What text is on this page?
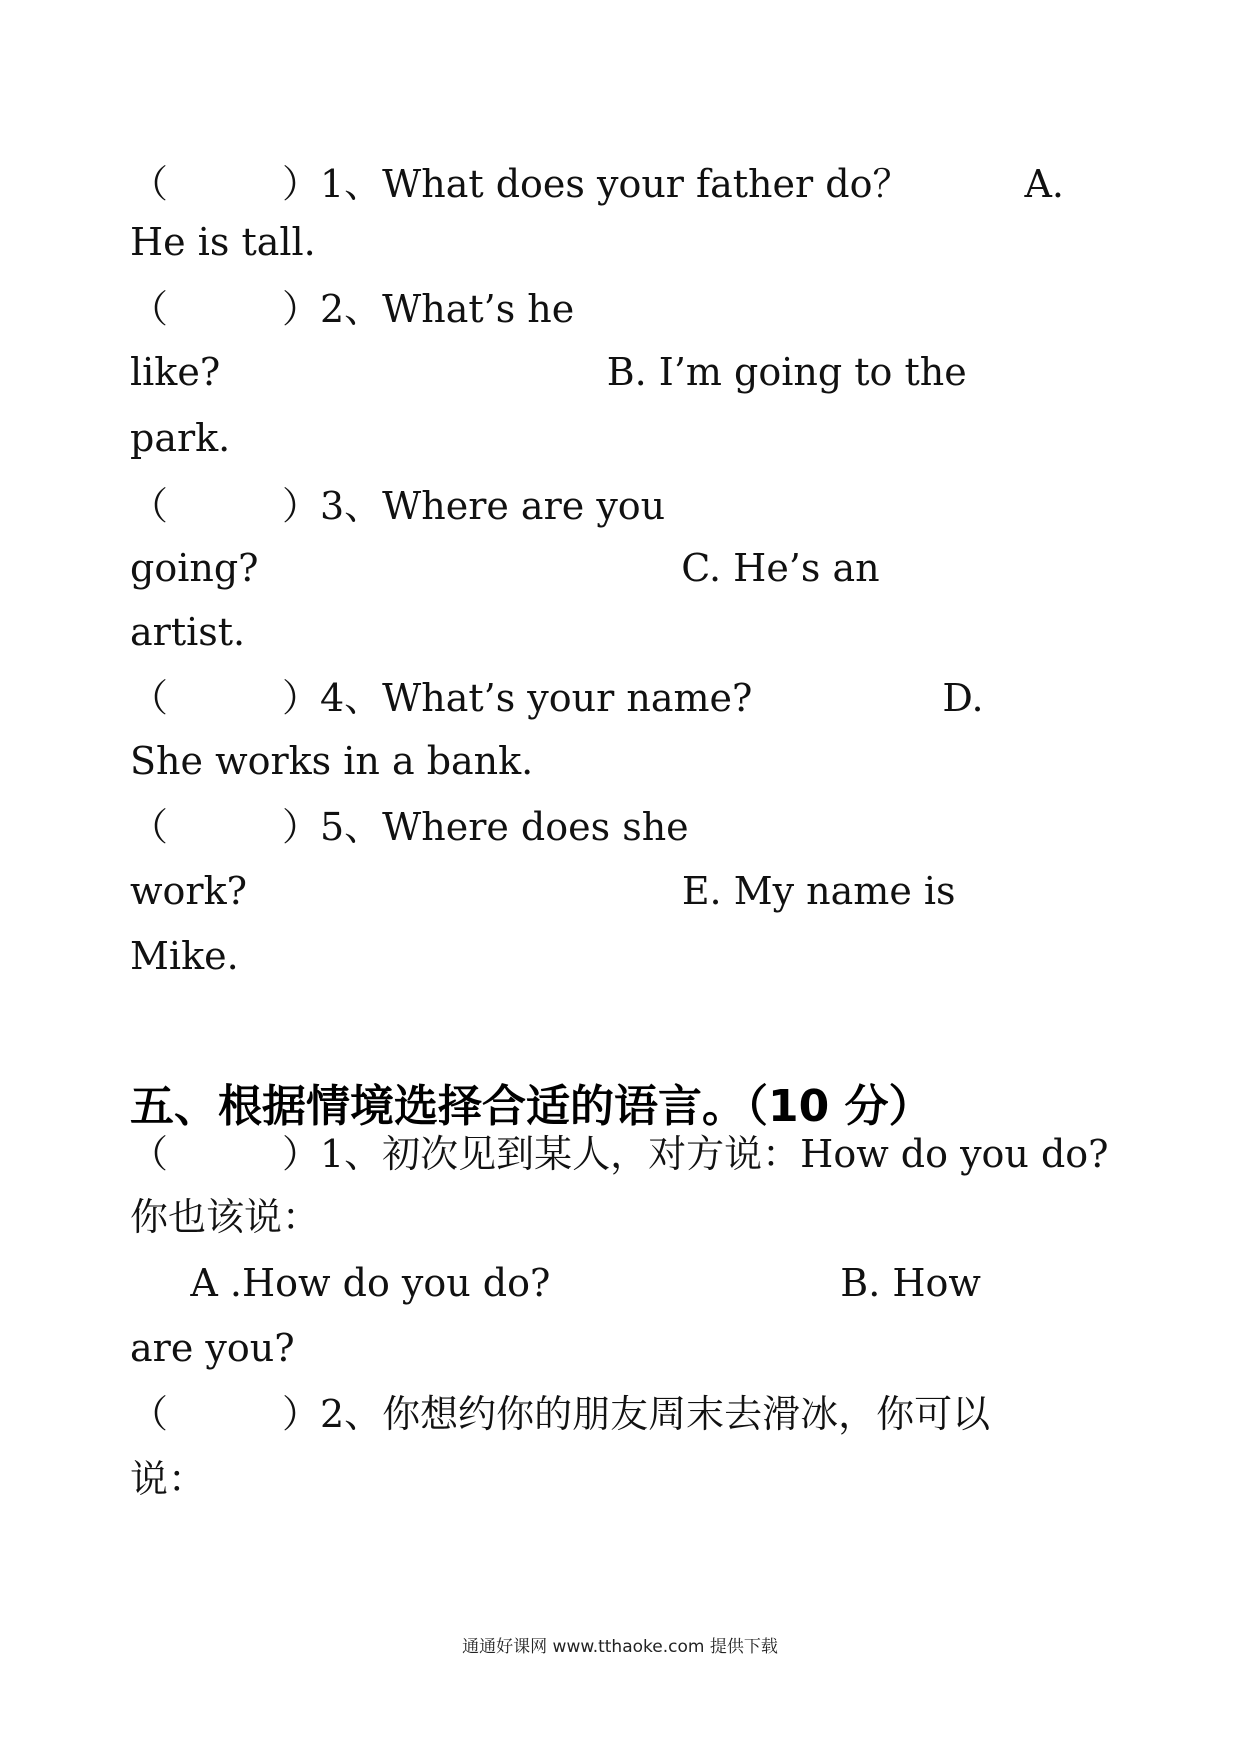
（　　　）1、What does your father do？　　　A.
He is tall.
（　　　）2、What’s he
like?                                B. I’m going to the
park.
（　　　）3、Where are you
going?                                   C. He’s an
artist.
（　　　）4、What’s your name?　　　　　D.
She works in a bank.
（　　　）5、Where does she
work?                                    E. My name is
Mike.
五、根据情境选择合适的语言。（10 分）
（　　　）1、初次见到某人，对方说：How do you do?
你也该说：
A .How do you do?                        B. How
are you?
（　　　）2、你想约你的朋友周末去滑冰，你可以
说：
通通好课网 www.tthaoke.com 提供下载
